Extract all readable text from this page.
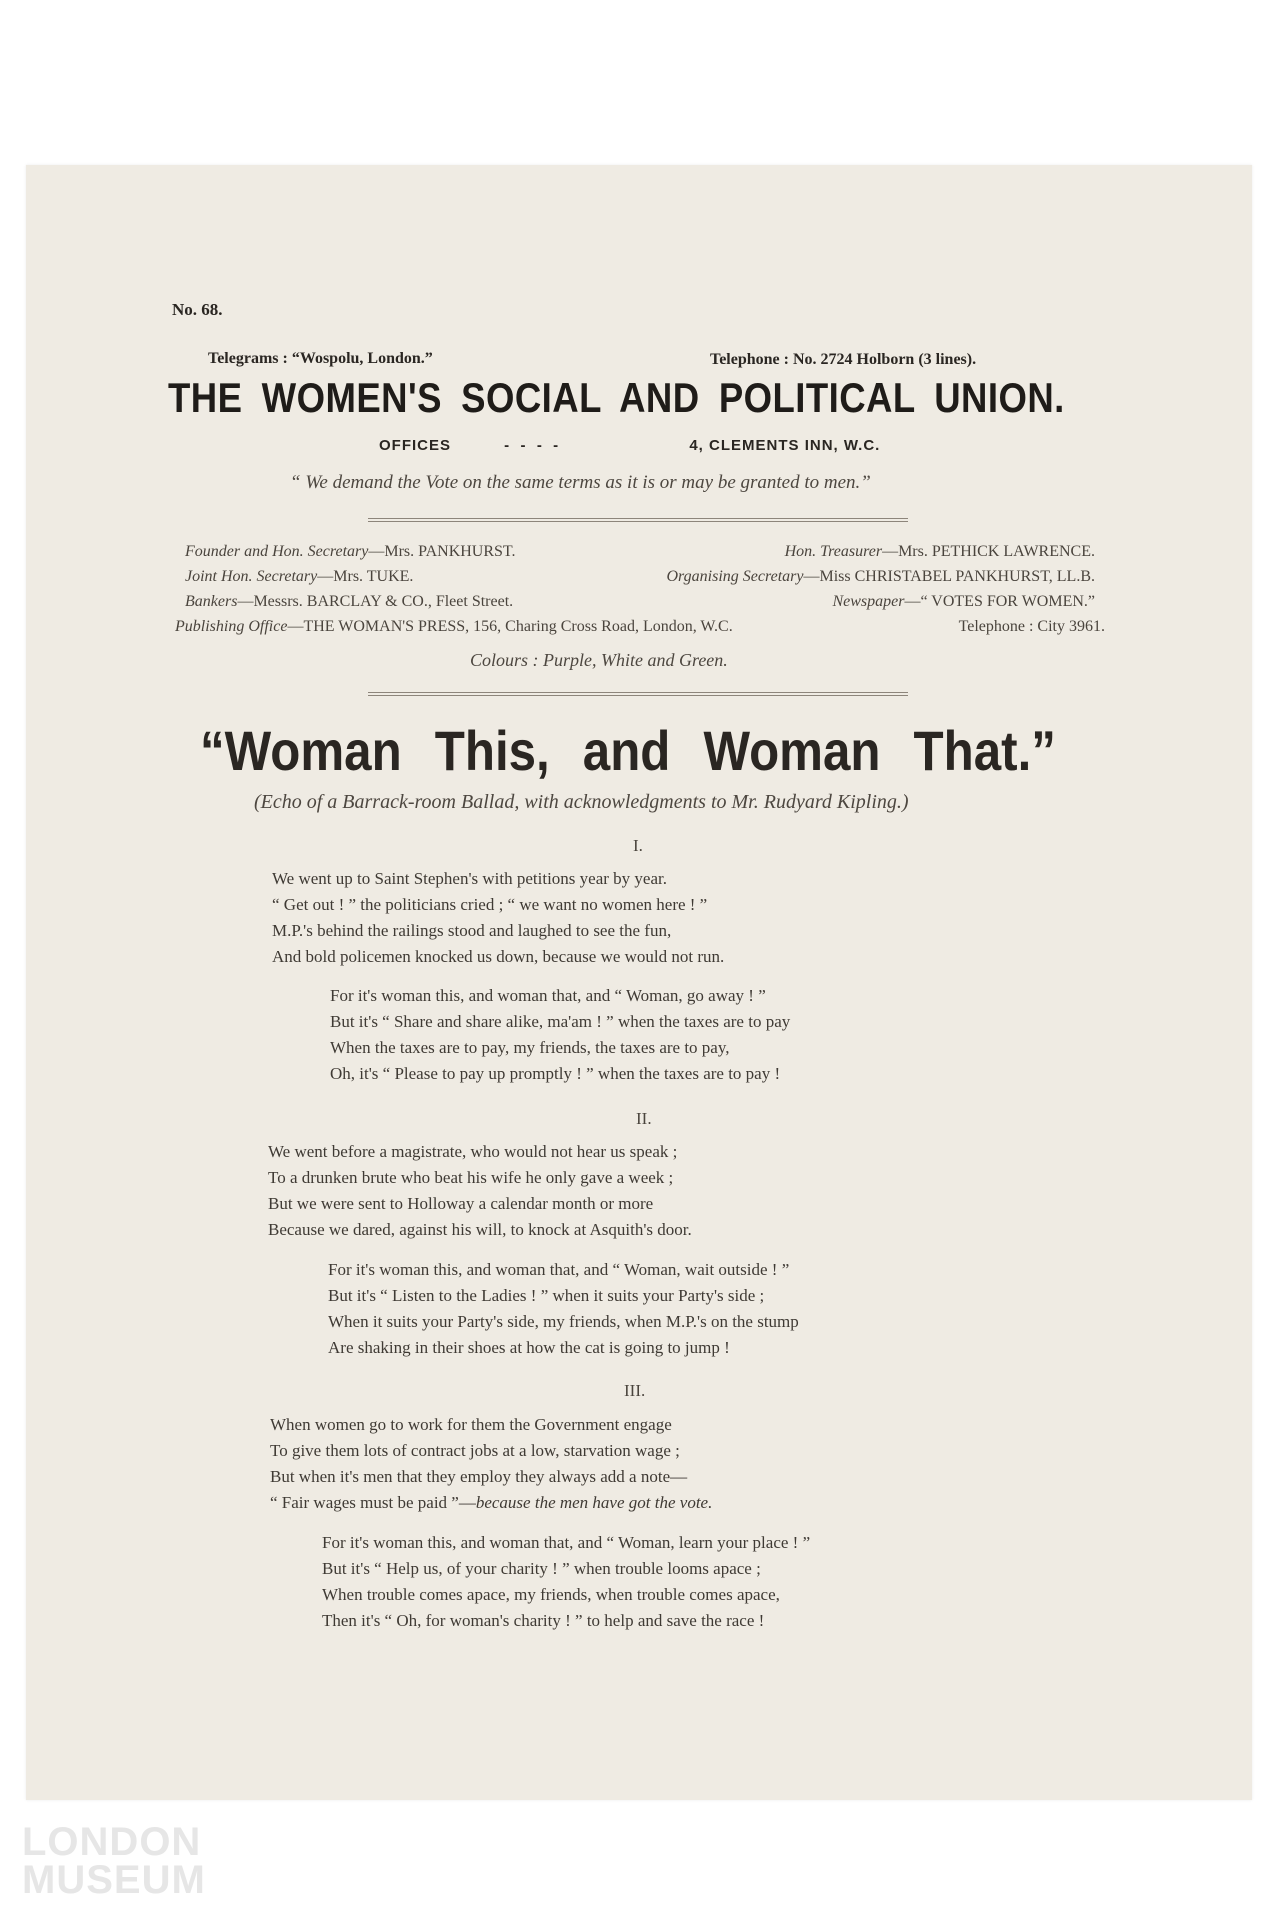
No. 68.
Telegrams : “Wospolu, London.”	Telephone : No. 2724 Holborn (3 lines).
THE WOMEN'S SOCIAL AND POLITICAL UNION.
OFFICES	-  -  -  -	4, CLEMENTS INN, W.C.
“ We demand the Vote on the same terms as it is or may be granted to men.”
Founder and Hon. Secretary—Mrs. PANKHURST.	Hon. Treasurer—Mrs. PETHICK LAWRENCE.
Joint Hon. Secretary—Mrs. TUKE.	Organising Secretary—Miss CHRISTABEL PANKHURST, LL.B.
Bankers—Messrs. BARCLAY & CO., Fleet Street.	Newspaper—“ VOTES FOR WOMEN.”
Publishing Office—THE WOMAN'S PRESS, 156, Charing Cross Road, London, W.C.	Telephone : City 3961.
Colours : Purple, White and Green.
“Woman This, and Woman That.”
(Echo of a Barrack-room Ballad, with acknowledgments to Mr. Rudyard Kipling.)
I.
We went up to Saint Stephen's with petitions year by year.
“ Get out ! ” the politicians cried ; “ we want no women here ! ”
M.P.'s behind the railings stood and laughed to see the fun,
And bold policemen knocked us down, because we would not run.
For it's woman this, and woman that, and “ Woman, go away ! ”
But it's “ Share and share alike, ma'am ! ” when the taxes are to pay
When the taxes are to pay, my friends, the taxes are to pay,
Oh, it's “ Please to pay up promptly ! ” when the taxes are to pay !
II.
We went before a magistrate, who would not hear us speak ;
To a drunken brute who beat his wife he only gave a week ;
But we were sent to Holloway a calendar month or more
Because we dared, against his will, to knock at Asquith's door.
For it's woman this, and woman that, and “ Woman, wait outside ! ”
But it's “ Listen to the Ladies ! ” when it suits your Party's side ;
When it suits your Party's side, my friends, when M.P.'s on the stump
Are shaking in their shoes at how the cat is going to jump !
III.
When women go to work for them the Government engage
To give them lots of contract jobs at a low, starvation wage ;
But when it's men that they employ they always add a note—
“ Fair wages must be paid ”—because the men have got the vote.
For it's woman this, and woman that, and “ Woman, learn your place ! ”
But it's “ Help us, of your charity ! ” when trouble looms apace ;
When trouble comes apace, my friends, when trouble comes apace,
Then it's “ Oh, for woman's charity ! ” to help and save the race !
LONDON
MUSEUM
